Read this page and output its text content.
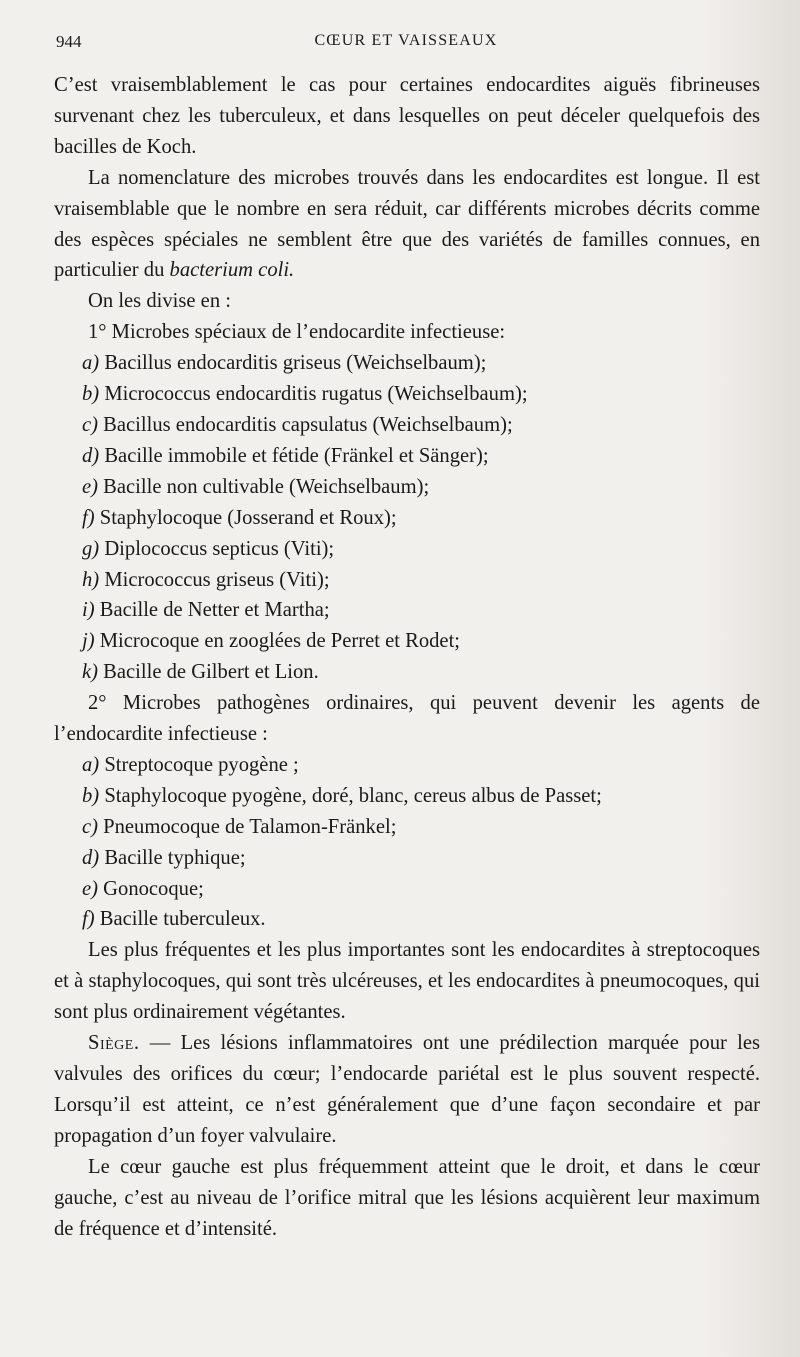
944	CŒUR ET VAISSEAUX

C’est vraisemblablement le cas pour certaines endocardites aiguës fibrineuses survenant chez les tuberculeux, et dans lesquelles on peut déceler quelquefois des bacilles de Koch.

La nomenclature des microbes trouvés dans les endocardites est longue. Il est vraisemblable que le nombre en sera réduit, car différents microbes décrits comme des espèces spéciales ne semblent être que des variétés de familles connues, en particulier du bacterium coli.

On les divise en :

1° Microbes spéciaux de l’endocardite infectieuse:

a) Bacillus endocarditis griseus (Weichselbaum);

b) Micrococcus endocarditis rugatus (Weichselbaum);

c) Bacillus endocarditis capsulatus (Weichselbaum);

d) Bacille immobile et fétide (Fränkel et Sänger);

e) Bacille non cultivable (Weichselbaum);

f) Staphylocoque (Josserand et Roux);

g) Diplococcus septicus (Viti);

h) Micrococcus griseus (Viti);

i) Bacille de Netter et Martha;

j) Microcoque en zooglées de Perret et Rodet;

k) Bacille de Gilbert et Lion.

2° Microbes pathogènes ordinaires, qui peuvent devenir les agents de l’endocardite infectieuse :

a) Streptocoque pyogène ;

b) Staphylocoque pyogène, doré, blanc, cereus albus de Passet;

c) Pneumocoque de Talamon-Fränkel;

d) Bacille typhique;

e) Gonocoque;

f) Bacille tuberculeux.

Les plus fréquentes et les plus importantes sont les endocardites à streptocoques et à staphylocoques, qui sont très ulcéreuses, et les endocardites à pneumocoques, qui sont plus ordinairement végétantes.

Siège. — Les lésions inflammatoires ont une prédilection marquée pour les valvules des orifices du cœur; l’endocarde pariétal est le plus souvent respecté. Lorsqu’il est atteint, ce n’est généralement que d’une façon secondaire et par propagation d’un foyer valvulaire.

Le cœur gauche est plus fréquemment atteint que le droit, et dans le cœur gauche, c’est au niveau de l’orifice mitral que les lésions acquièrent leur maximum de fréquence et d’intensité.
